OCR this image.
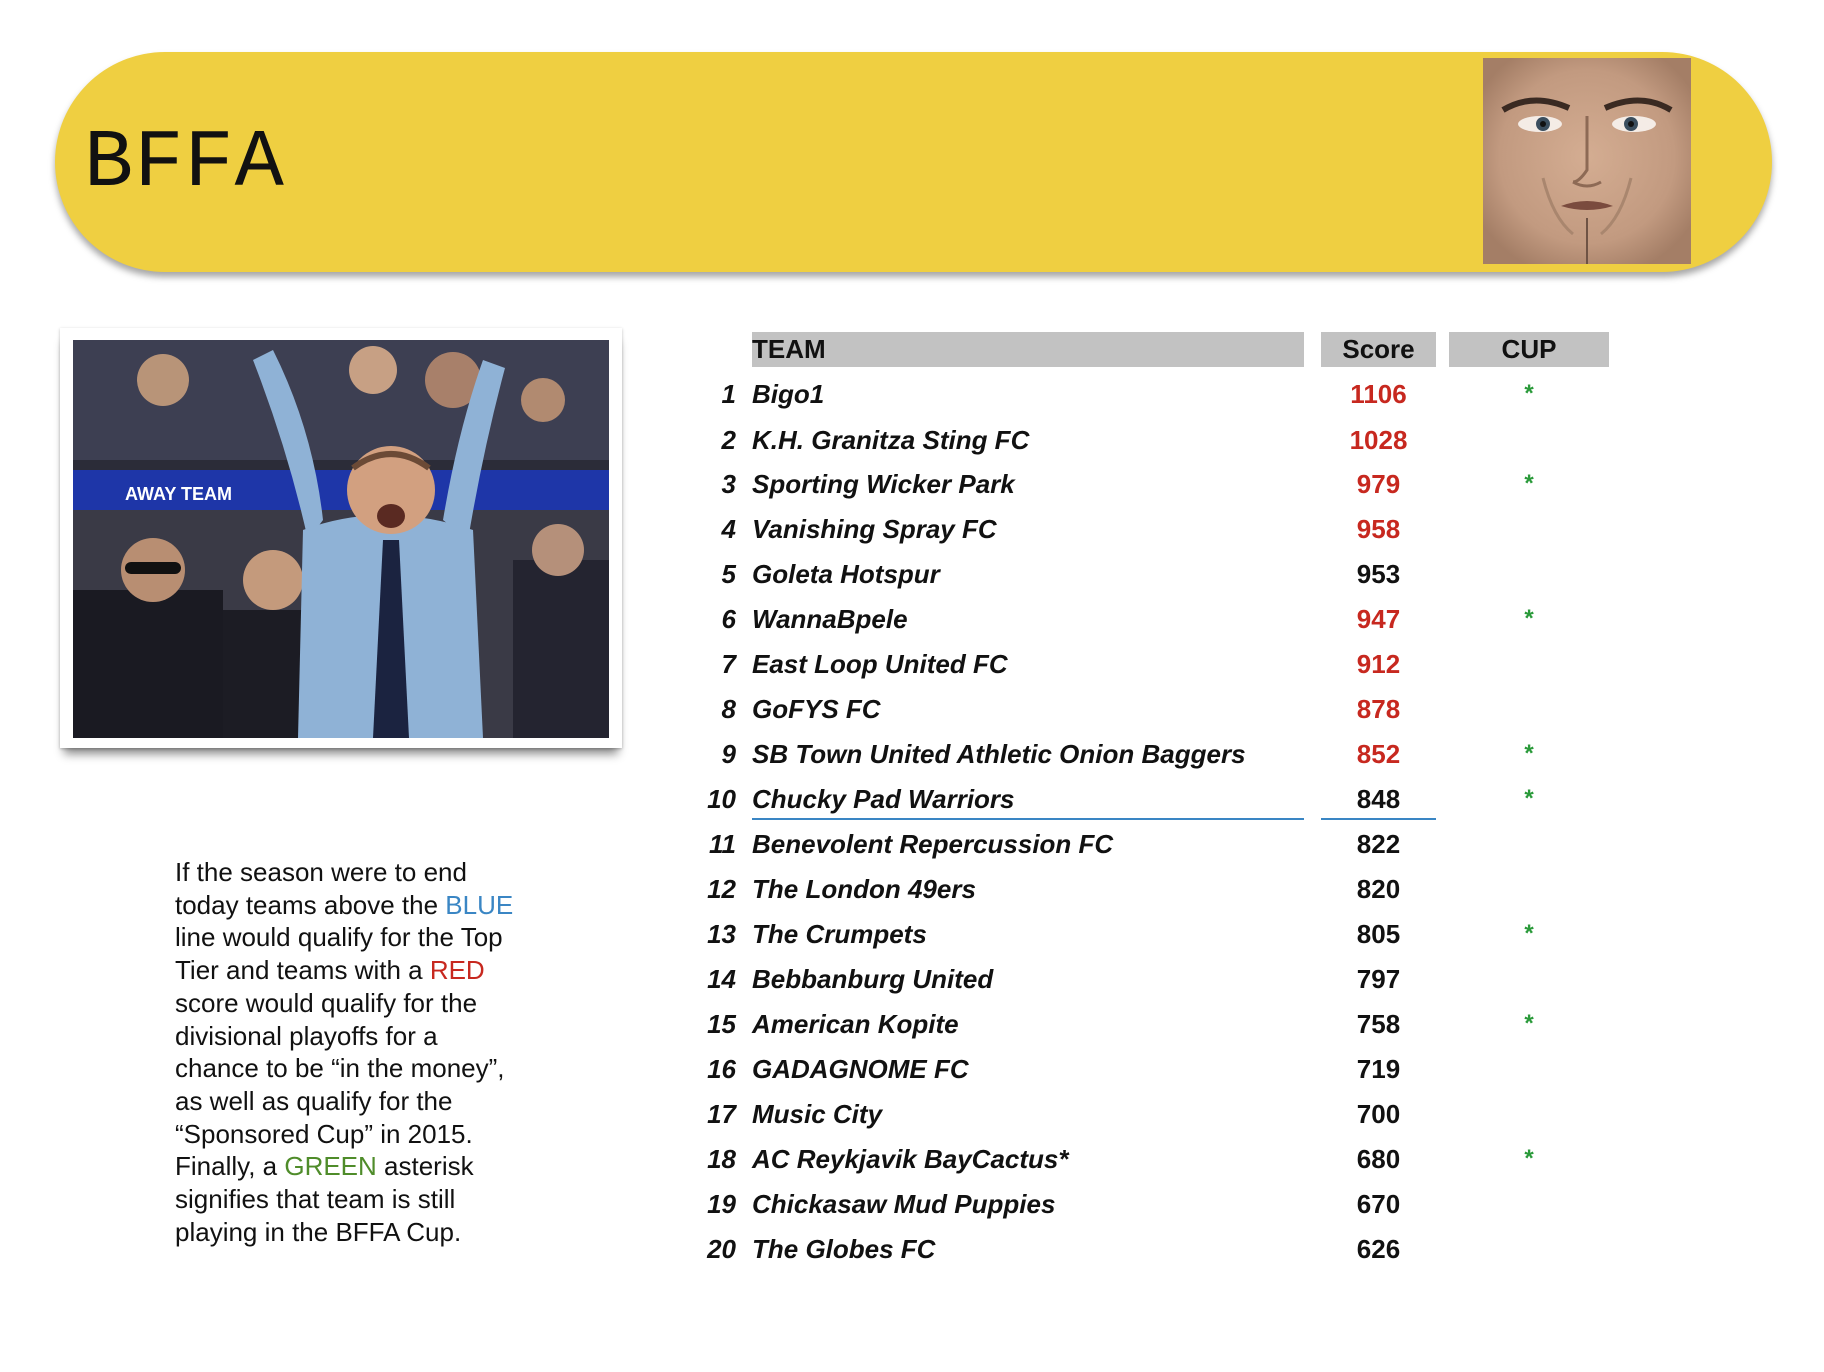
BFFA
AWAY TEAM
If the season were to end today teams above the BLUE line would qualify for the Top Tier and teams with a RED score would qualify for the divisional playoffs for a chance to be “in the money”, as well as qualify for the “Sponsored Cup” in 2015. Finally, a GREEN asterisk signifies that team is still playing in the BFFA Cup.
TEAM	Score	CUP
1 Bigo1	1106	*
2 K.H. Granitza Sting FC	1028
3 Sporting Wicker Park	979	*
4 Vanishing Spray FC	958
5 Goleta Hotspur	953
6 WannaBpele	947	*
7 East Loop United FC	912
8 GoFYS FC	878
9 SB Town United Athletic Onion Baggers	852	*
10 Chucky Pad Warriors	848	*
11 Benevolent Repercussion FC	822
12 The London 49ers	820
13 The Crumpets	805	*
14 Bebbanburg United	797
15 American Kopite	758	*
16 GADAGNOME FC	719
17 Music City	700
18 AC Reykjavik BayCactus*	680	*
19 Chickasaw Mud Puppies	670
20 The Globes FC	626
